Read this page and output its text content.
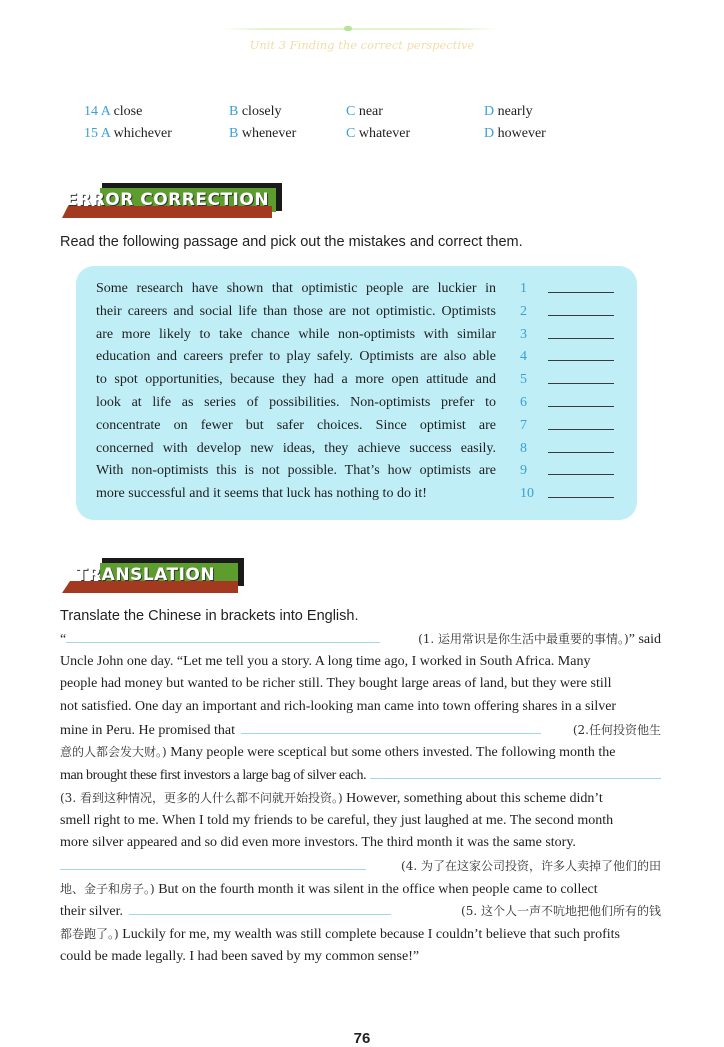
Unit 3 Finding the correct perspective
14 A close	B closely	C near	D nearly
15 A whichever	B whenever	C whatever	D however
ERROR CORRECTION
Read the following passage and pick out the mistakes and correct them.
Some research have shown that optimistic people are luckier in
their careers and social life than those are not optimistic. Optimists
are more likely to take chance while non-optimists with similar
education and careers prefer to play safely. Optimists are also able
to spot opportunities, because they had a more open attitude and
look at life as series of possibilities. Non-optimists prefer to
concentrate on fewer but safer choices. Since optimist are
concerned with develop new ideas, they achieve success easily.
With non-optimists this is not possible. That’s how optimists are
more successful and it seems that luck has nothing to do it!
1
2
3
4
5
6
7
8
9
10
TRANSLATION
Translate the Chinese in brackets into English.
“	(1. 运用常识是你生活中最重要的事情。) ” said
Uncle John one day. “Let me tell you a story. A long time ago, I worked in South Africa. Many
people had money but wanted to be richer still. They bought large areas of land, but they were still
not satisfied. One day an important and rich-looking man came into town offering shares in a silver
mine in Peru. He promised that	(2.任何投资他生
意的人都会发大财。) Many people were sceptical but some others invested. The following month the
man brought these first investors a large bag of silver each.
(3. 看到这种情况，更多的人什么都不问就开始投资。) However, something about this scheme didn’t
smell right to me. When I told my friends to be careful, they just laughed at me. The second month
more silver appeared and so did even more investors. The third month it was the same story.
(4. 为了在这家公司投资，许多人卖掉了他们的田
地、金子和房子。) But on the fourth month it was silent in the office when people came to collect
their silver.	(5. 这个人一声不吭地把他们所有的钱
都卷跑了。) Luckily for me, my wealth was still complete because I couldn’t believe that such profits
could be made legally. I had been saved by my common sense!”
76
